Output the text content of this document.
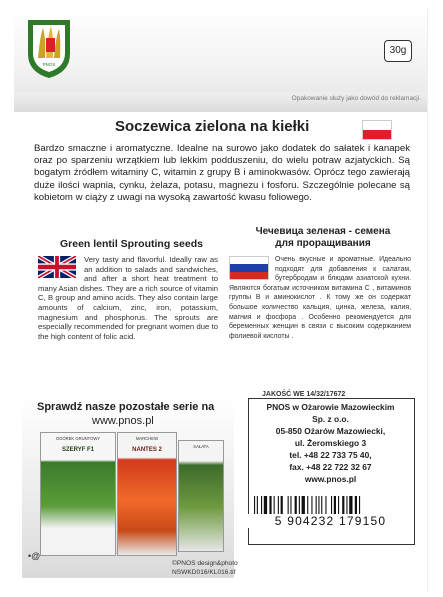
PNOS
30g
Opakowanie służy jako dowód do reklamacji.
Soczewica zielona na kiełki
Bardzo smaczne i aromatyczne. Idealne na surowo jako dodatek do sałatek i kanapek oraz po sparzeniu wrzątkiem lub lekkim podduszeniu, do wielu potraw azjatyckich. Są bogatym źródłem witaminy C, witamin z grupy B i aminokwasów. Oprócz tego zawierają duże ilości wapnia, cynku, żelaza, potasu, magnezu i fosforu. Szczególnie polecane są kobietom w ciąży z uwagi na wysoką zawartość kwasu foliowego.
Green lentil Sprouting seeds
Чечевица зеленая - семена для проращивания
Very tasty and flavorful. Ideally raw as an addition to salads and sandwiches, and after a short heat treatment to many Asian dishes. They are a rich source of vitamin C, B group and amino acids. They also contain large amounts of calcium, zinc, iron, potassium, magnesium and phosphorus. The sprouts are especially recommended for pregnant women due to the high content of folic acid.
Очень вкусные и ароматные. Идеально подходят для добавления к салатам, бутербродам и блюдам азиатской кухни. Являются богатым источником витамина С , витаминов группы В и аминокислот . К тому же он содержат большое количество кальция, цинка, железа, калия, магния и фосфора . Особенно рекомендуется для беременных женщин в связи с высоким содержанием фолиевой кислоты .
JAKOŚĆ WE 14/32/17672
Sprawdź nasze pozostałe serie na
www.pnos.pl
OGÓREK GRUNTOWY
SZERYF F1
MARCHEW
NANTES 2
SAŁATA
PNOS w Ożarowie Mazowieckim
Sp. z o.o.
05-850 Ożarów Mazowiecki,
ul. Żeromskiego 3
tel. +48 22 733 75 40,
fax. +48 22 722 32 67
www.pnos.pl
5 904232 179150
•@
©PNOS design&photo
NSWKD016/KL016.tif
